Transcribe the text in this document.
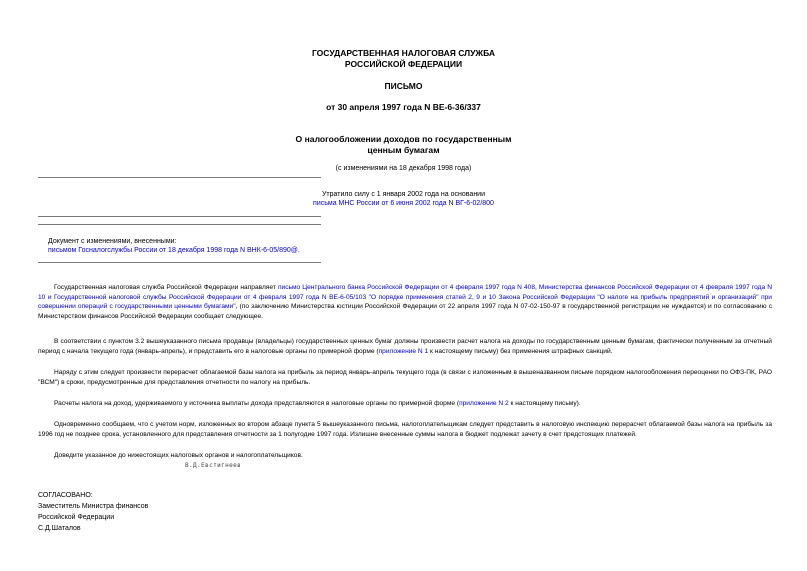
ГОСУДАРСТВЕННАЯ НАЛОГОВАЯ СЛУЖБА
РОССИЙСКОЙ ФЕДЕРАЦИИ
ПИСЬМО
от 30 апреля 1997 года N ВЕ-6-36/337
О налогообложении доходов по государственным
ценным бумагам
(с изменениями на 18 декабря 1998 года)
Утратило силу с 1 января 2002 года на основании
письма МНС России от 6 июня 2002 года N ВГ-6-02/800
Документ с изменениями, внесенными:
письмом Госналогслужбы России от 18 декабря 1998 года N ВНК-6-05/890@.
Государственная налоговая служба Российской Федерации направляет письмо Центрального банка Российской Федерации от 4 февраля 1997 года N 408, Министерства финансов Российской Федерации от 4 февраля 1997 года N 10 и Государственной налоговой службы Российской Федерации от 4 февраля 1997 года N ВЕ-6-05/103 "О порядке применения статей 2, 9 и 10 Закона Российской Федерации "О налоге на прибыль предприятий и организаций" при совершении операций с государственными ценными бумагами", (по заключению Министерства юстиции Российской Федерации от 22 апреля 1997 года N 07-02-150-97 в государственной регистрации не нуждается) и по согласованию с Министерством финансов Российской Федерации сообщает следующее.
В соответствии с пунктом 3.2 вышеуказанного письма продавцы (владельцы) государственных ценных бумаг должны произвести расчет налога на доходы по государственным ценным бумагам, фактически полученным за отчетный период с начала текущего года (январь-апрель), и представить его в налоговые органы по примерной форме (приложение N 1 к настоящему письму) без применения штрафных санкций.
Наряду с этим следует произвести перерасчет облагаемой базы налога на прибыль за период январь-апрель текущего года (в связи с изложенным в вышеназванном письме порядком налогообложения переоценки по ОФЗ-ПК, РАО "ВСМ") в сроки, предусмотренные для представления отчетности по налогу на прибыль.
Расчеты налога на доход, удерживаемого у источника выплаты дохода представляются в налоговые органы по примерной форме (приложение N 2 к настоящему письму).
Одновременно сообщаем, что с учетом норм, изложенных во втором абзаце пункта 5 вышеуказанного письма, налогоплательщикам следует представить в налоговую инспекцию перерасчет облагаемой базы налога на прибыль за 1996 год не позднее срока, установленного для представления отчетности за 1 полугодие 1997 года. Излишне внесенные суммы налога в бюджет подлежат зачету в счет предстоящих платежей.
Доведите указанное до нижестоящих налоговых органов и налогоплательщиков.
В.Д.Евстигнеев
СОГЛАСОВАНО:
Заместитель Министра финансов
Российской Федерации
С.Д.Шаталов
